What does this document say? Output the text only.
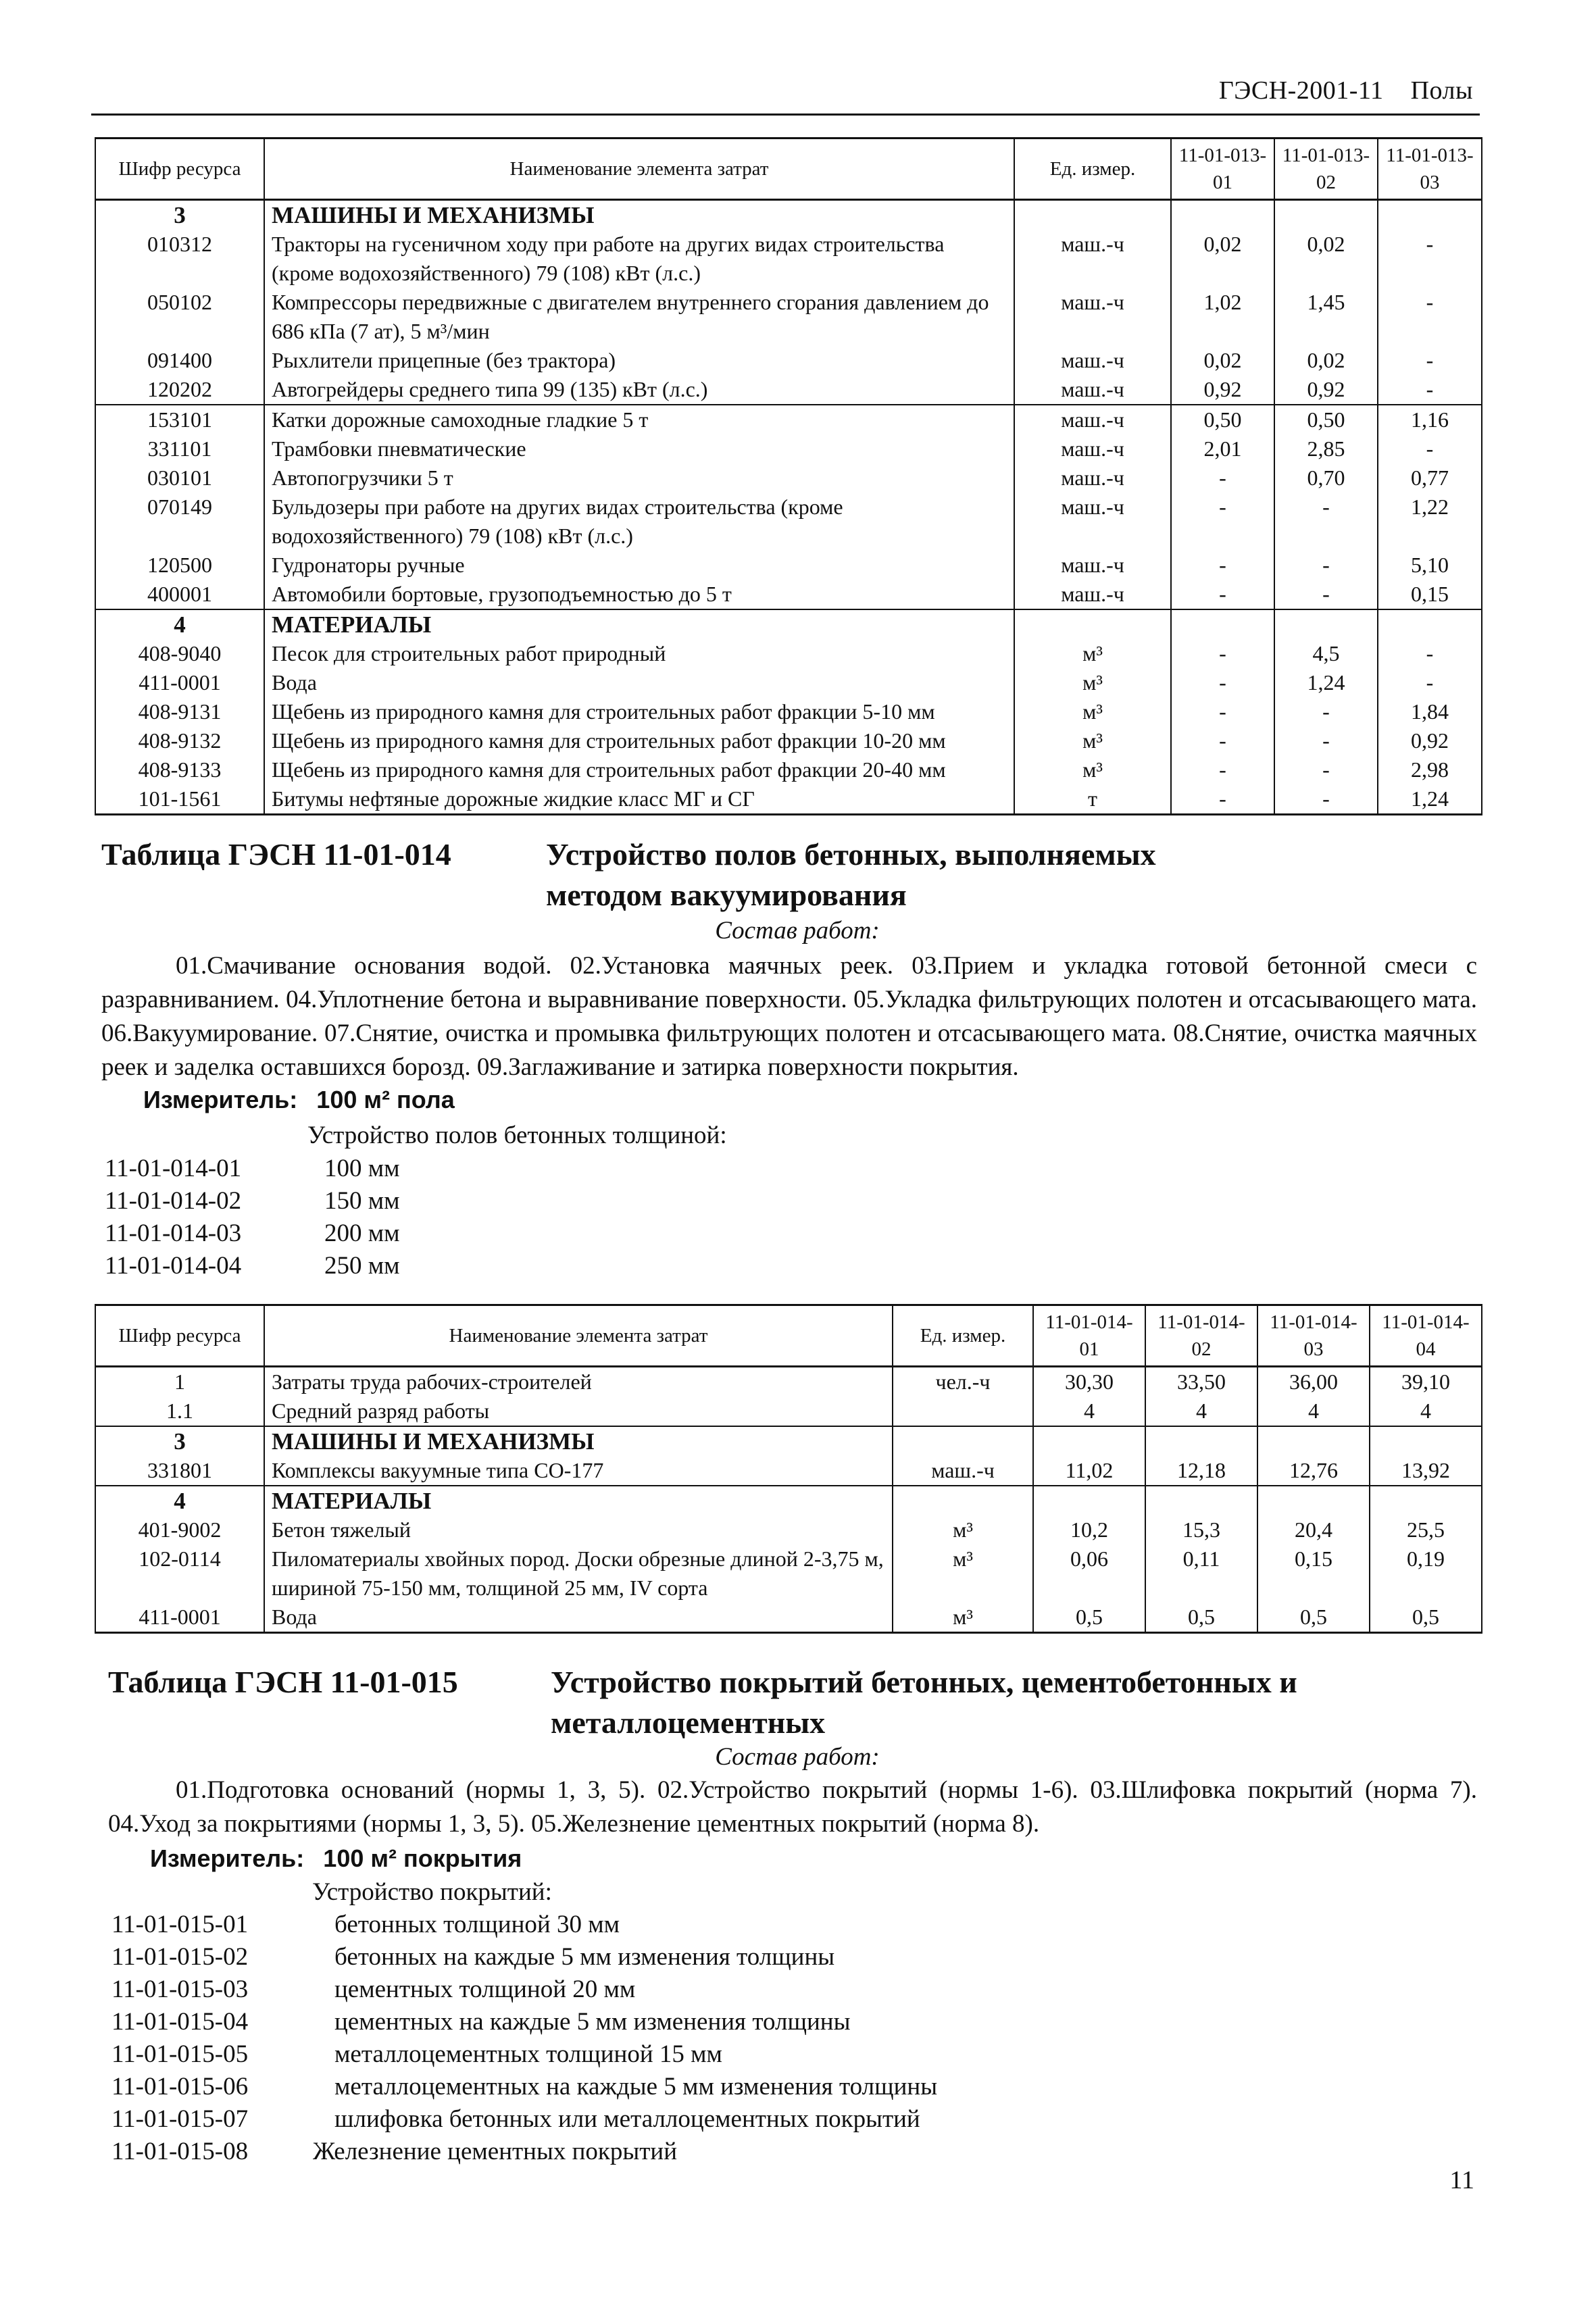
ГЭСН-2001-11 Полы
Шифр ресурса	Наименование элемента затрат	Ед. измер.	11-01-013-01	11-01-013-02	11-01-013-03
3	МАШИНЫ И МЕХАНИЗМЫ				
010312	Тракторы на гусеничном ходу при работе на других видах строительства (кроме водохозяйственного) 79 (108) кВт (л.с.)	маш.-ч	0,02	0,02	-
050102	Компрессоры передвижные с двигателем внутреннего сгорания давлением до 686 кПа (7 ат), 5 м³/мин	маш.-ч	1,02	1,45	-
091400	Рыхлители прицепные (без трактора)	маш.-ч	0,02	0,02	-
120202	Автогрейдеры среднего типа 99 (135) кВт (л.с.)	маш.-ч	0,92	0,92	-
153101	Катки дорожные самоходные гладкие 5 т	маш.-ч	0,50	0,50	1,16
331101	Трамбовки пневматические	маш.-ч	2,01	2,85	-
030101	Автопогрузчики 5 т	маш.-ч	-	0,70	0,77
070149	Бульдозеры при работе на других видах строительства (кроме водохозяйственного) 79 (108) кВт (л.с.)	маш.-ч	-	-	1,22
120500	Гудронаторы ручные	маш.-ч	-	-	5,10
400001	Автомобили бортовые, грузоподъемностью до 5 т	маш.-ч	-	-	0,15
4	МАТЕРИАЛЫ				
408-9040	Песок для строительных работ природный	м³	-	4,5	-
411-0001	Вода	м³	-	1,24	-
408-9131	Щебень из природного камня для строительных работ фракции 5-10 мм	м³	-	-	1,84
408-9132	Щебень из природного камня для строительных работ фракции 10-20 мм	м³	-	-	0,92
408-9133	Щебень из природного камня для строительных работ фракции 20-40 мм	м³	-	-	2,98
101-1561	Битумы нефтяные дорожные жидкие класс МГ и СГ	т	-	-	1,24
Таблица ГЭСН 11-01-014	Устройство полов бетонных, выполняемых
методом вакуумирования
Состав работ:
01.Смачивание основания водой. 02.Установка маячных реек. 03.Прием и укладка готовой бетонной смеси с разравниванием. 04.Уплотнение бетона и выравнивание поверхности. 05.Укладка фильтрующих полотен и отсасывающего мата. 06.Вакуумирование. 07.Снятие, очистка и промывка фильтрующих полотен и отсасывающего мата. 08.Снятие, очистка маячных реек и заделка оставшихся борозд. 09.Заглаживание и затирка поверхности покрытия.
Измеритель: 100 м² пола
Устройство полов бетонных толщиной:
11-01-014-01	100 мм
11-01-014-02	150 мм
11-01-014-03	200 мм
11-01-014-04	250 мм
Шифр ресурса	Наименование элемента затрат	Ед. измер.	11-01-014-01	11-01-014-02	11-01-014-03	11-01-014-04
1	Затраты труда рабочих-строителей	чел.-ч	30,30	33,50	36,00	39,10
1.1	Средний разряд работы		4	4	4	4
3	МАШИНЫ И МЕХАНИЗМЫ					
331801	Комплексы вакуумные типа СО-177	маш.-ч	11,02	12,18	12,76	13,92
4	МАТЕРИАЛЫ					
401-9002	Бетон тяжелый	м³	10,2	15,3	20,4	25,5
102-0114	Пиломатериалы хвойных пород. Доски обрезные длиной 2-3,75 м, шириной 75-150 мм, толщиной 25 мм, IV сорта	м³	0,06	0,11	0,15	0,19
411-0001	Вода	м³	0,5	0,5	0,5	0,5
Таблица ГЭСН 11-01-015	Устройство покрытий бетонных, цементобетонных и
металлоцементных
Состав работ:
01.Подготовка оснований (нормы 1, 3, 5). 02.Устройство покрытий (нормы 1-6). 03.Шлифовка покрытий (норма 7). 04.Уход за покрытиями (нормы 1, 3, 5). 05.Железнение цементных покрытий (норма 8).
Измеритель: 100 м² покрытия
Устройство покрытий:
11-01-015-01	бетонных толщиной 30 мм
11-01-015-02	бетонных на каждые 5 мм изменения толщины
11-01-015-03	цементных толщиной 20 мм
11-01-015-04	цементных на каждые 5 мм изменения толщины
11-01-015-05	металлоцементных толщиной 15 мм
11-01-015-06	металлоцементных на каждые 5 мм изменения толщины
11-01-015-07	шлифовка бетонных или металлоцементных покрытий
11-01-015-08	Железнение цементных покрытий
11
